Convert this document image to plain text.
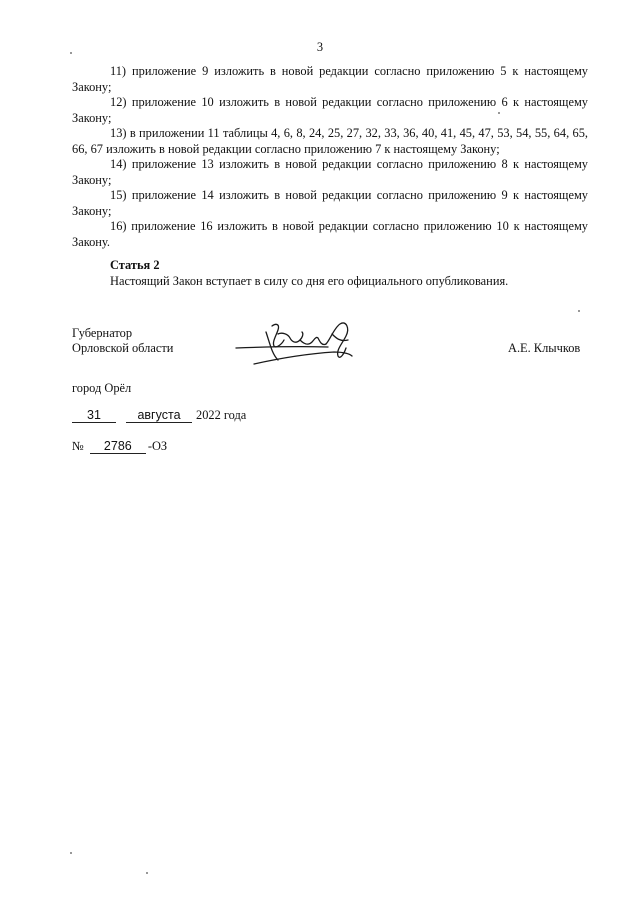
3

11) приложение 9 изложить в новой редакции согласно приложению 5 к настоящему Закону;

12) приложение 10 изложить в новой редакции согласно приложению 6 к настоящему Закону;

13) в приложении 11 таблицы 4, 6, 8, 24, 25, 27, 32, 33, 36, 40, 41, 45, 47, 53, 54, 55, 64, 65, 66, 67 изложить в новой редакции согласно приложению 7 к настоящему Закону;

14) приложение 13 изложить в новой редакции согласно приложению 8 к настоящему Закону;

15) приложение 14 изложить в новой редакции согласно приложению 9 к настоящему Закону;

16) приложение 16 изложить в новой редакции согласно приложению 10 к настоящему Закону.

Статья 2

Настоящий Закон вступает в силу со дня его официального опубликования.

Губернатор
Орловской области	А.Е. Клычков
город Орёл
31	августа 2022 года
№ 2786 -ОЗ
